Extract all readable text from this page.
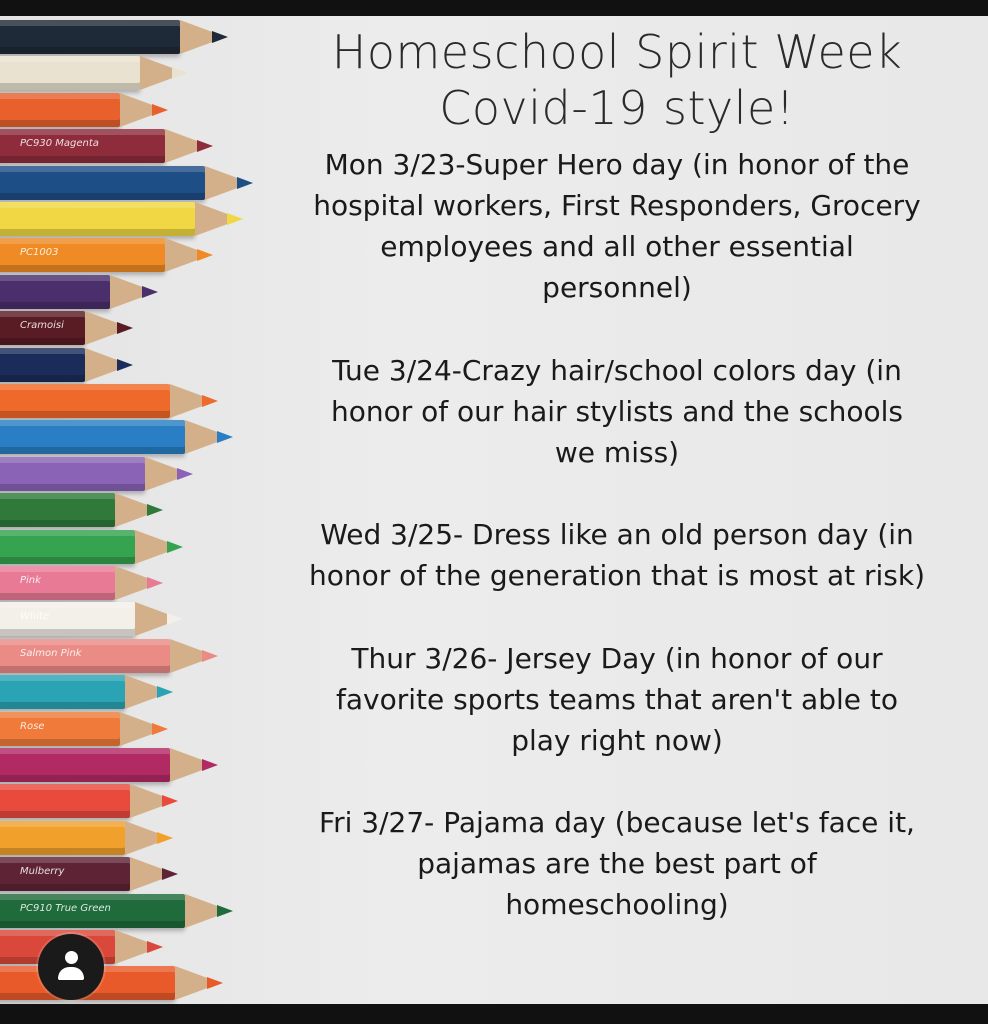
PC930 Magenta
PC1003
Cramoisi
Pink
White
Salmon Pink
Rose
Mulberry
PC910 True Green
Homeschool Spirit Week
Covid-19 style!

Mon 3/23-Super Hero day (in honor of the hospital workers, First Responders, Grocery employees and all other essential personnel)

Tue 3/24-Crazy hair/school colors day (in honor of our hair stylists and the schools we miss)

Wed 3/25- Dress like an old person day (in honor of the generation that is most at risk)

Thur 3/26- Jersey Day (in honor of our favorite sports teams that aren't able to play right now)

Fri 3/27- Pajama day (because let's face it, pajamas are the best part of homeschooling)
